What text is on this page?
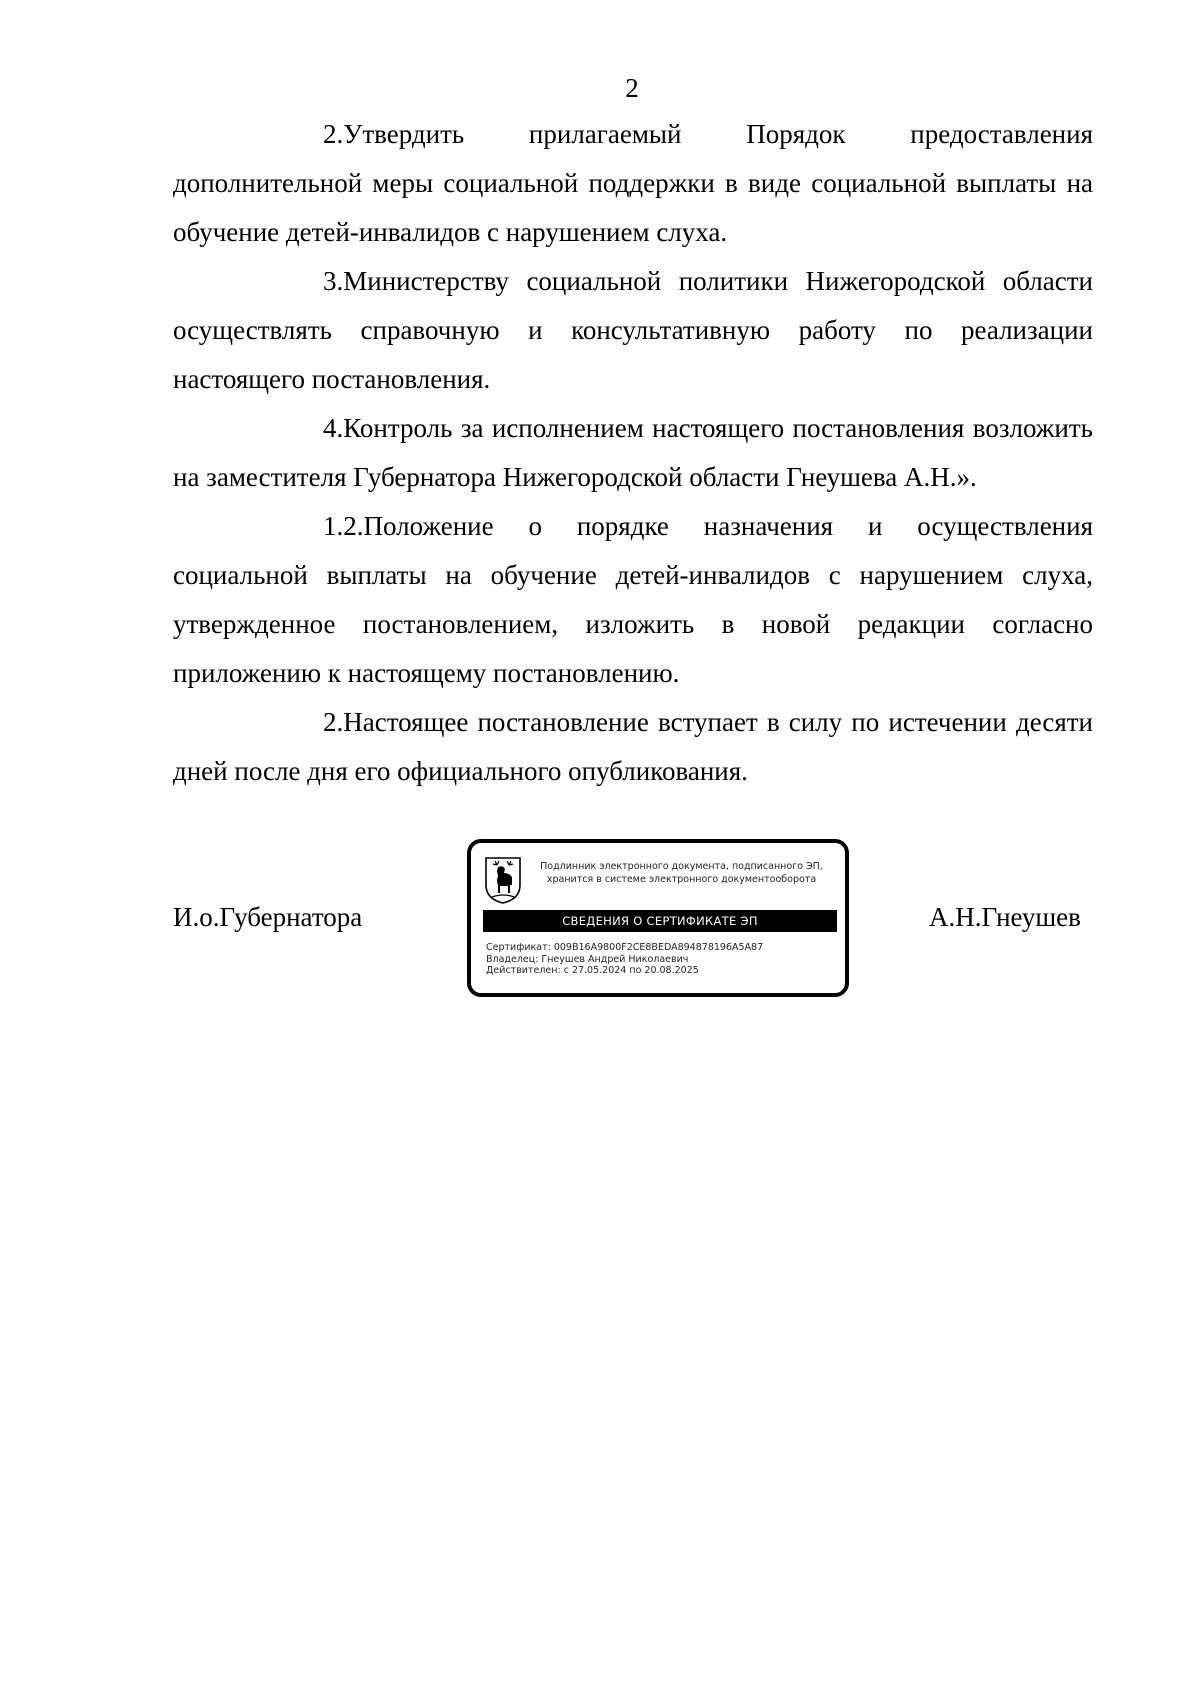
2

2.Утвердить прилагаемый Порядок предоставления дополнительной меры социальной поддержки в виде социальной выплаты на обучение детей-инвалидов с нарушением слуха.

3.Министерству социальной политики Нижегородской области осуществлять справочную и консультативную работу по реализации настоящего постановления.

4.Контроль за исполнением настоящего постановления возложить на заместителя Губернатора Нижегородской области Гнеушева А.Н.».

1.2.Положение о порядке назначения и осуществления социальной выплаты на обучение детей-инвалидов с нарушением слуха, утвержденное постановлением, изложить в новой редакции согласно приложению к настоящему постановлению.

2.Настоящее постановление вступает в силу по истечении десяти дней после дня его официального опубликования.

И.о.Губернатора
Подлинник электронного документа, подписанного ЭП,
хранится в системе электронного документооборота
СВЕДЕНИЯ О СЕРТИФИКАТЕ ЭП
Сертификат: 009B16A9800F2CE8BEDA894878196A5A87
Владелец: Гнеушев Андрей Николаевич
Действителен: с 27.05.2024 по 20.08.2025
А.Н.Гнеушев
